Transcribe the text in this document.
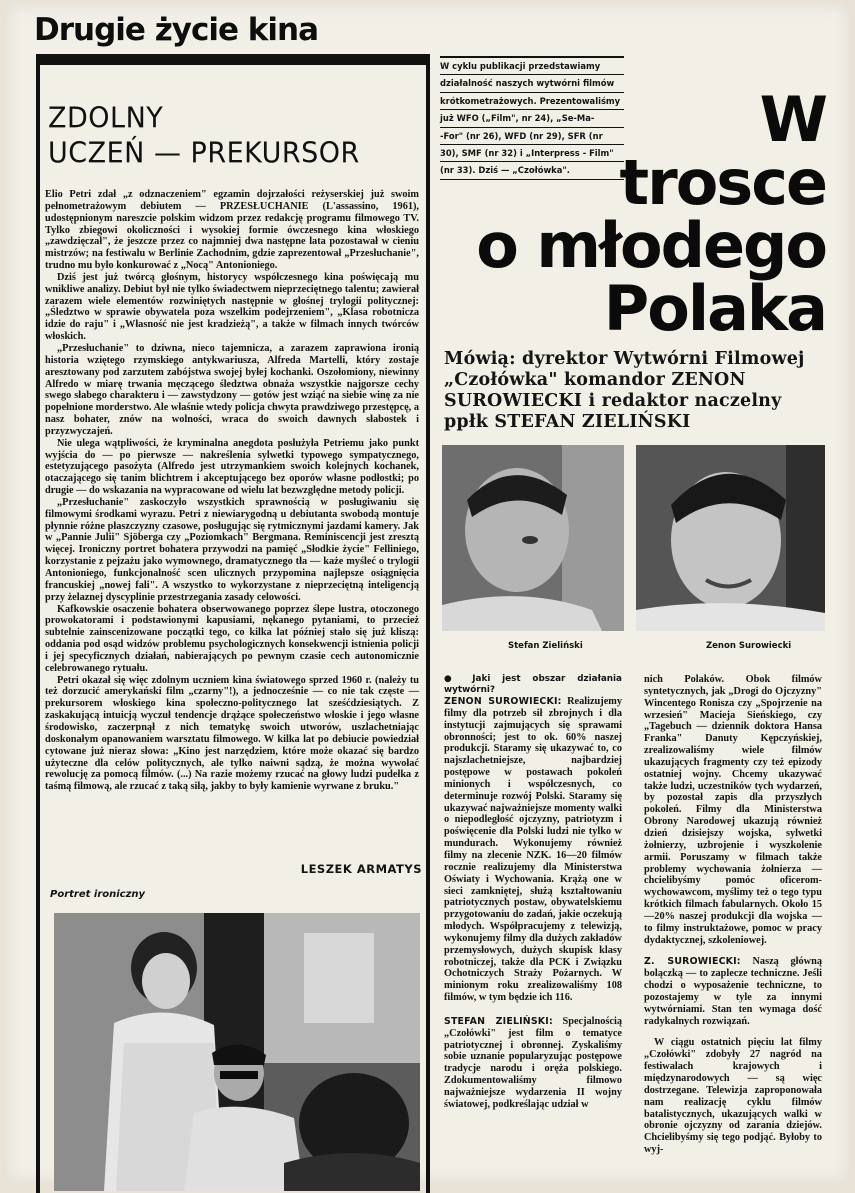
Drugie życie kina
ZDOLNY
UCZEŃ — PREKURSOR

Elio Petri zdał „z odznaczeniem" egzamin dojrzałości reżyserskiej już swoim pełnometrażowym debiutem — PRZESŁUCHANIE (L'assassino, 1961), udostępnionym nareszcie polskim widzom przez redakcję programu filmowego TV. Tylko zbiegowi okoliczności i wysokiej formie ówczesnego kina włoskiego „zawdzięczał", że jeszcze przez co najmniej dwa następne lata pozostawał w cieniu mistrzów; na festiwalu w Berlinie Zachodnim, gdzie zaprezentował „Przesłuchanie", trudno mu było konkurować z „Nocą" Antonioniego.

Dziś jest już twórcą głośnym, historycy współczesnego kina poświęcają mu wnikliwe analizy. Debiut był nie tylko świadectwem nieprzeciętnego talentu; zawierał zarazem wiele elementów rozwiniętych następnie w głośnej trylogii politycznej: „Śledztwo w sprawie obywatela poza wszelkim podejrzeniem", „Klasa robotnicza idzie do raju" i „Własność nie jest kradzieżą", a także w filmach innych twórców włoskich.

„Przesłuchanie" to dziwna, nieco tajemnicza, a zarazem zaprawiona ironią historia wziętego rzymskiego antykwariusza, Alfreda Martelli, który zostaje aresztowany pod zarzutem zabójstwa swojej byłej kochanki. Oszołomiony, niewinny Alfredo w miarę trwania męczącego śledztwa obnaża wszystkie najgorsze cechy swego słabego charakteru i — zawstydzony — gotów jest wziąć na siebie winę za nie popełnione morderstwo. Ale właśnie wtedy policja chwyta prawdziwego przestępcę, a nasz bohater, znów na wolności, wraca do swoich dawnych słabostek i przyzwyczajeń.

Nie ulega wątpliwości, że kryminalna anegdota posłużyła Petriemu jako punkt wyjścia do — po pierwsze — nakreślenia sylwetki typowego sympatycznego, estetyzującego pasożyta (Alfredo jest utrzymankiem swoich kolejnych kochanek, otaczającego się tanim blichtrem i akceptującego bez oporów własne podłostki; po drugie — do wskazania na wypracowane od wielu lat bezwzględne metody policji.

„Przesłuchanie" zaskoczyło wszystkich sprawnością w posługiwaniu się filmowymi środkami wyrazu. Petri z niewiarygodną u debiutanta swobodą montuje płynnie różne płaszczyzny czasowe, posługując się rytmicznymi jazdami kamery. Jak w „Pannie Julii" Sjöberga czy „Poziomkach" Bergmana. Reminiscencji jest zresztą więcej. Ironiczny portret bohatera przywodzi na pamięć „Słodkie życie" Felliniego, korzystanie z pejzażu jako wymownego, dramatycznego tła — każe myśleć o trylogii Antonioniego, funkcjonalność scen ulicznych przypomina najlepsze osiągnięcia francuskiej „nowej fali". A wszystko to wykorzystane z nieprzeciętną inteligencją przy żelaznej dyscyplinie przestrzegania zasady celowości.

Kafkowskie osaczenie bohatera obserwowanego poprzez ślepe lustra, otoczonego prowokatorami i podstawionymi kapusiami, nękanego pytaniami, to przecież subtelnie zainscenizowane początki tego, co kilka lat później stało się już kliszą: oddania pod osąd widzów problemu psychologicznych konsekwencji istnienia policji i jej specyficznych działań, nabierających po pewnym czasie cech autonomicznie celebrowanego rytuału.

Petri okazał się więc zdolnym uczniem kina światowego sprzed 1960 r. (należy tu też dorzucić amerykański film „czarny"!), a jednocześnie — co nie tak częste — prekursorem włoskiego kina społeczno-politycznego lat sześćdziesiątych. Z zaskakującą intuicją wyczuł tendencje drążące społeczeństwo włoskie i jego własne środowisko, zaczerpnął z nich tematykę swoich utworów, uszlachetniając doskonałym opanowaniem warsztatu filmowego. W kilka lat po debiucie powiedział cytowane już nieraz słowa: „Kino jest narzędziem, które może okazać się bardzo użyteczne dla celów politycznych, ale tylko naiwni sądzą, że można wywołać rewolucję za pomocą filmów. (...) Na razie możemy rzucać na głowy ludzi pudełka z taśmą filmową, ale rzucać z taką siłą, jakby to były kamienie wyrwane z bruku."

LESZEK ARMATYS
Portret ironiczny
W cyklu publikacji przedstawiamy
działalność naszych wytwórni filmów
krótkometrażowych. Prezentowaliśmy
już WFO („Film", nr 24), „Se-Ma-
-For" (nr 26), WFD (nr 29), SFR (nr
30), SMF (nr 32) i „Interpress - Film"
(nr 33). Dziś — „Czołówka".
W
trosce
o młodego
Polaka
Mówią: dyrektor Wytwórni Filmowej „Czołówka" komandor ZENON SUROWIECKI i redaktor naczelny ppłk STEFAN ZIELIŃSKI
Stefan Zieliński	Zenon Surowiecki

● Jaki jest obszar działania wytwórni?

ZENON SUROWIECKI: Realizujemy filmy dla potrzeb sił zbrojnych i dla instytucji zajmujących się sprawami obronności; jest to ok. 60% naszej produkcji. Staramy się ukazywać to, co najszlachetniejsze, najbardziej postępowe w postawach pokoleń minionych i współczesnych, co determinuje rozwój Polski. Staramy się ukazywać najważniejsze momenty walki o niepodległość ojczyzny, patriotyzm i poświęcenie dla Polski ludzi nie tylko w mundurach. Wykonujemy również filmy na zlecenie NZK. 16—20 filmów rocznie realizujemy dla Ministerstwa Oświaty i Wychowania. Krążą one w sieci zamkniętej, służą kształtowaniu patriotycznych postaw, obywatelskiemu przygotowaniu do zadań, jakie oczekują młodych. Współpracujemy z telewizją, wykonujemy filmy dla dużych zakładów przemysłowych, dużych skupisk klasy robotniczej, także dla PCK i Związku Ochotniczych Straży Pożarnych. W minionym roku zrealizowaliśmy 108 filmów, w tym będzie ich 116.

STEFAN ZIELIŃSKI: Specjalnością „Czołówki" jest film o tematyce patriotycznej i obronnej. Zyskaliśmy sobie uznanie popularyzując postępowe tradycje narodu i oręża polskiego. Zdokumentowaliśmy filmowo najważniejsze wydarzenia II wojny światowej, podkreślając udział w

nich Polaków. Obok filmów syntetycznych, jak „Drogi do Ojczyzny" Wincentego Ronisza czy „Spojrzenie na wrzesień" Macieja Sieńskiego, czy „Tagebuch — dziennik doktora Hansa Franka" Danuty Kępczyńskiej, zrealizowaliśmy wiele filmów ukazujących fragmenty czy też epizody ostatniej wojny. Chcemy ukazywać także ludzi, uczestników tych wydarzeń, by pozostał zapis dla przyszłych pokoleń. Filmy dla Ministerstwa Obrony Narodowej ukazują również dzień dzisiejszy wojska, sylwetki żołnierzy, uzbrojenie i wyszkolenie armii. Poruszamy w filmach także problemy wychowania żołnierza — chcielibyśmy pomóc oficerom-wychowawcom, myślimy też o tego typu krótkich filmach fabularnych. Około 15—20% naszej produkcji dla wojska — to filmy instruktażowe, pomoc w pracy dydaktycznej, szkoleniowej.

Z. SUROWIECKI: Naszą główną bolączką — to zaplecze techniczne. Jeśli chodzi o wyposażenie techniczne, to pozostajemy w tyle za innymi wytwórniami. Stan ten wymaga dość radykalnych rozwiązań.

W ciągu ostatnich pięciu lat filmy „Czołówki" zdobyły 27 nagród na festiwalach krajowych i międzynarodowych — są więc dostrzegane. Telewizja zaproponowała nam realizację cyklu filmów batalistycznych, ukazujących walki w obronie ojczyzny od zarania dziejów. Chcielibyśmy się tego podjąć. Byłoby to wyj-
